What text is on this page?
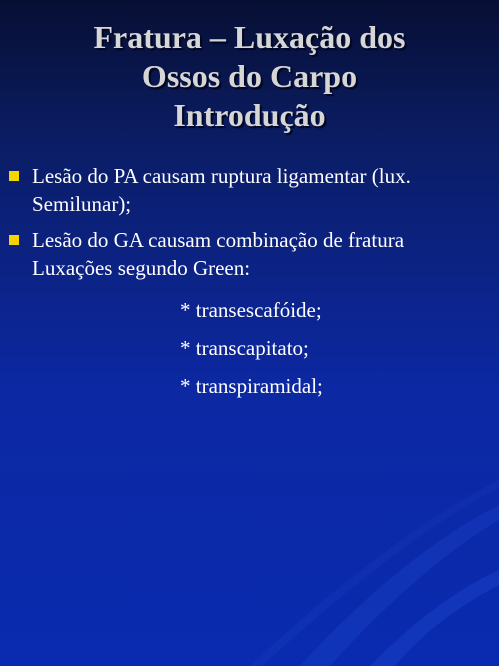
Fratura – Luxação dos
Ossos do Carpo
Introdução
Lesão do PA causam ruptura ligamentar (lux.
Semilunar);
Lesão do GA causam combinação de fratura
Luxações segundo Green:
* transescafóide;
* transcapitato;
* transpiramidal;
